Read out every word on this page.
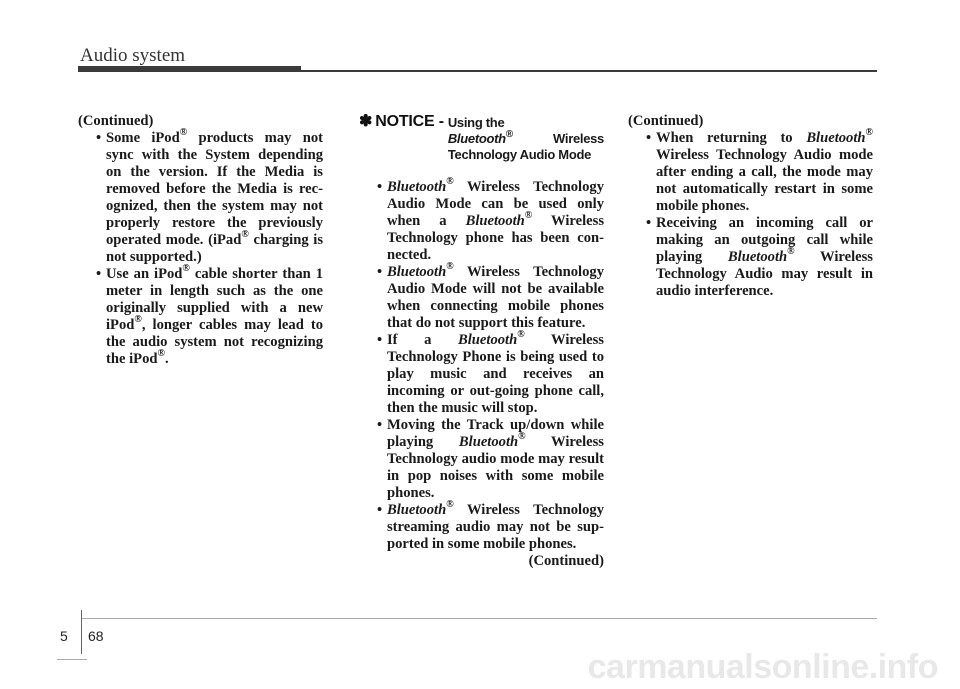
Audio system

(Continued)

• Some iPod® products may not sync with the System depending on the version. If the Media is removed before the Media is rec-ognized, then the system may not properly restore the previously operated mode. (iPad® charging is not supported.)

• Use an iPod® cable shorter than 1 meter in length such as the one originally supplied with a new iPod®, longer cables may lead to the audio system not recognizing the iPod®.

✽ NOTICE - Using the
Bluetooth® Wireless Technology Audio Mode

• Bluetooth® Wireless Technology Audio Mode can be used only when a Bluetooth® Wireless Technology phone has been con-nected.

• Bluetooth® Wireless Technology Audio Mode will not be available when connecting mobile phones that do not support this feature.

• If a Bluetooth® Wireless Technology Phone is being used to play music and receives an incoming or out-going phone call, then the music will stop.

• Moving the Track up/down while playing Bluetooth® Wireless Technology audio mode may result in pop noises with some mobile phones.

• Bluetooth® Wireless Technology streaming audio may not be sup-ported in some mobile phones.

(Continued)

(Continued)

• When returning to Bluetooth® Wireless Technology Audio mode after ending a call, the mode may not automatically restart in some mobile phones.

• Receiving an incoming call or making an outgoing call while playing Bluetooth® Wireless Technology Audio may result in audio interference.

5 68
carmanualsonline.info
